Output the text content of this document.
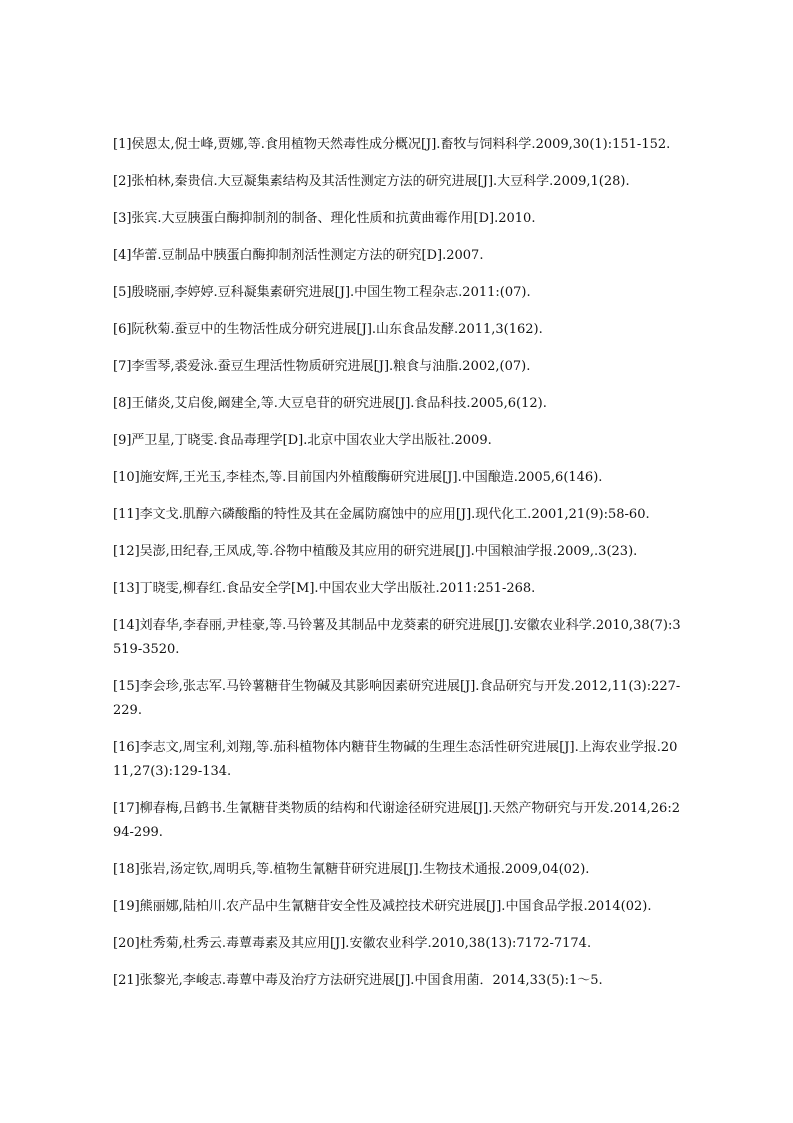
[1]侯恩太,倪士峰,贾娜,等.食用植物天然毒性成分概况[J].畜牧与饲料科学.2009,30(1):151-152.
[2]张柏林,秦贵信.大豆凝集素结构及其活性测定方法的研究进展[J].大豆科学.2009,1(28).
[3]张宾.大豆胰蛋白酶抑制剂的制备、理化性质和抗黄曲霉作用[D].2010.
[4]华蕾.豆制品中胰蛋白酶抑制剂活性测定方法的研究[D].2007.
[5]殷晓丽,李婷婷.豆科凝集素研究进展[J].中国生物工程杂志.2011:(07).
[6]阮秋菊.蚕豆中的生物活性成分研究进展[J].山东食品发酵.2011,3(162).
[7]李雪琴,裘爱泳.蚕豆生理活性物质研究进展[J].粮食与油脂.2002,(07).
[8]王储炎,艾启俊,阚建全,等.大豆皂苷的研究进展[J].食品科技.2005,6(12).
[9]严卫星,丁晓雯.食品毒理学[D].北京中国农业大学出版社.2009.
[10]施安辉,王光玉,李桂杰,等.目前国内外植酸酶研究进展[J].中国酿造.2005,6(146).
[11]李文戈.肌醇六磷酸酯的特性及其在金属防腐蚀中的应用[J].现代化工.2001,21(9):58-60.
[12]吴澎,田纪春,王凤成,等.谷物中植酸及其应用的研究进展[J].中国粮油学报.2009,.3(23).
[13]丁晓雯,柳春红.食品安全学[M].中国农业大学出版社.2011:251-268.
[14]刘春华,李春丽,尹桂豪,等.马铃薯及其制品中龙葵素的研究进展[J].安徽农业科学.2010,38(7):3519-3520.
[15]李会珍,张志军.马铃薯糖苷生物碱及其影响因素研究进展[J].食品研究与开发.2012,11(3):227-229.
[16]李志文,周宝利,刘翔,等.茄科植物体内糖苷生物碱的生理生态活性研究进展[J].上海农业学报.2011,27(3):129-134.
[17]柳春梅,吕鹤书.生氰糖苷类物质的结构和代谢途径研究进展[J].天然产物研究与开发.2014,26:294-299.
[18]张岩,汤定钦,周明兵,等.植物生氰糖苷研究进展[J].生物技术通报.2009,04(02).
[19]熊丽娜,陆柏川.农产品中生氰糖苷安全性及减控技术研究进展[J].中国食品学报.2014(02).
[20]杜秀菊,杜秀云.毒蕈毒素及其应用[J].安徽农业科学.2010,38(13):7172-7174.
[21]张黎光,李峻志.毒蕈中毒及治疗方法研究进展[J].中国食用菌．2014,33(5):1～5.
